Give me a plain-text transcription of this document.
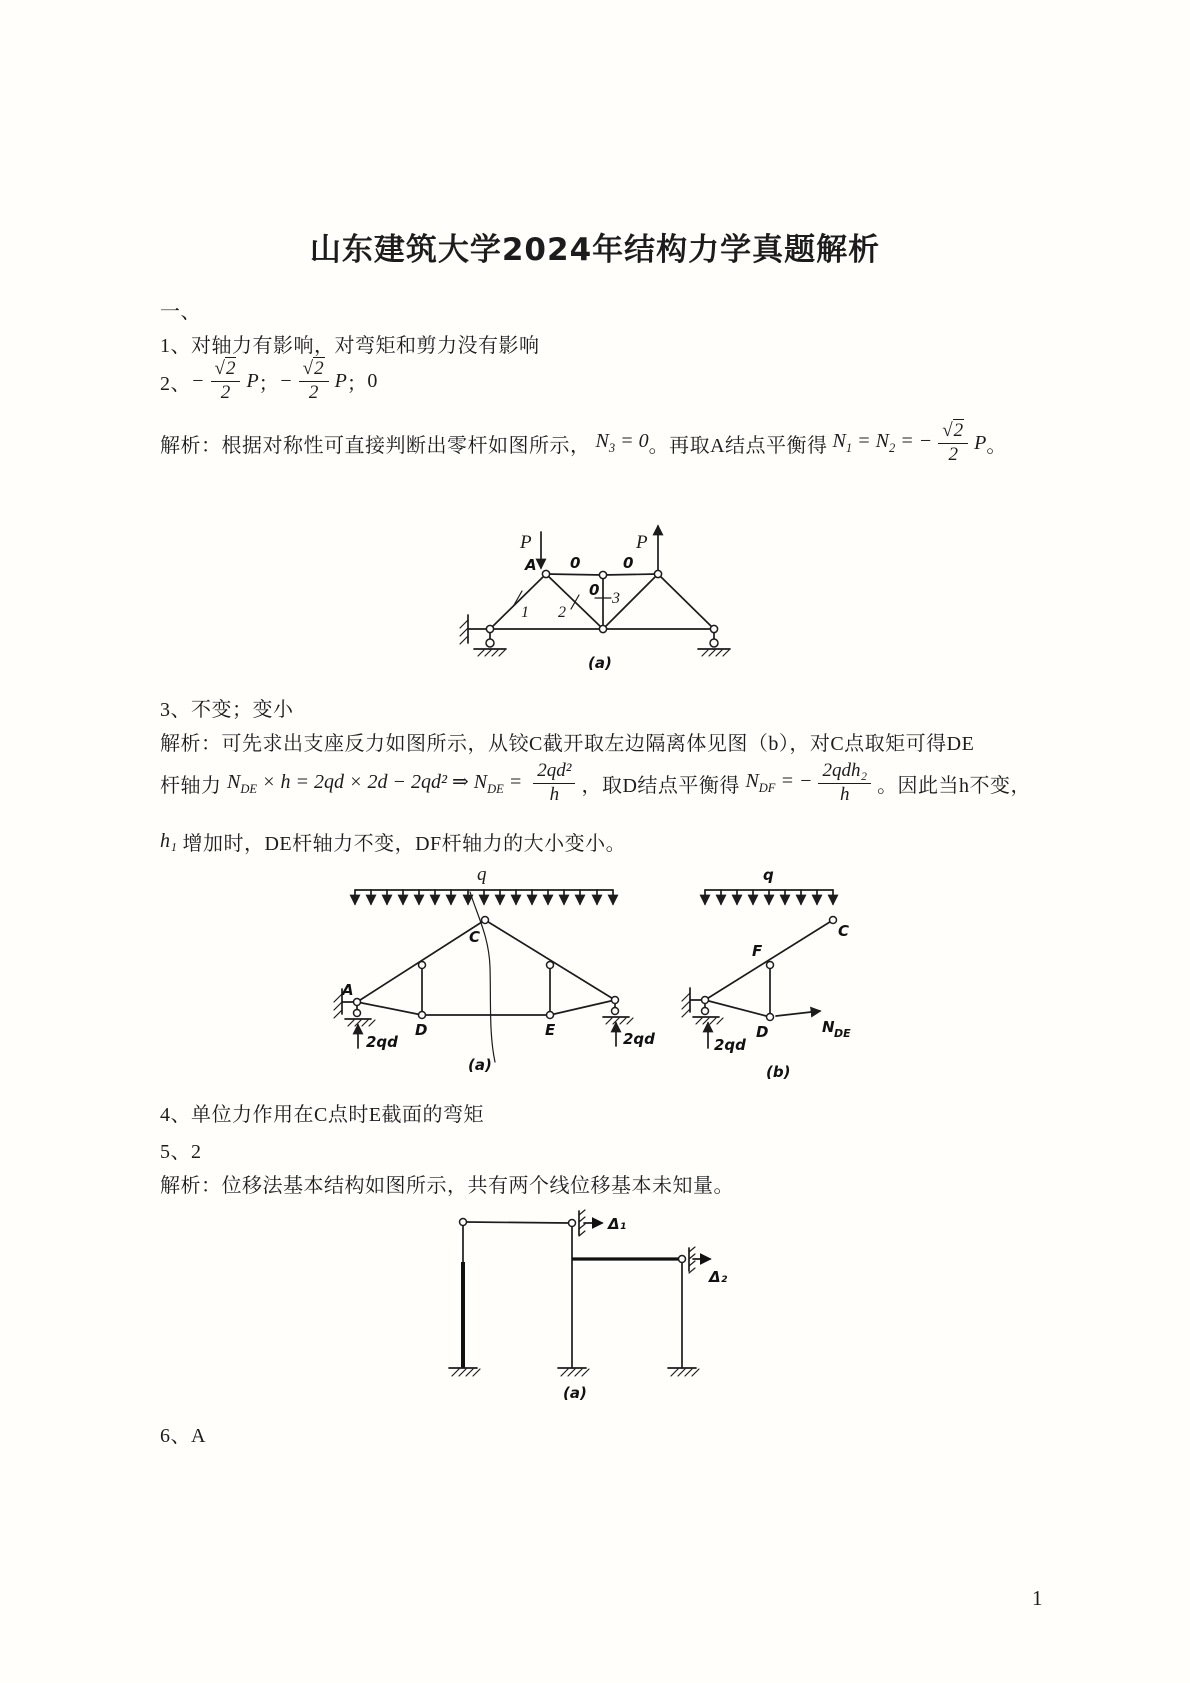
山东建筑大学2024年结构力学真题解析
一、
1、对轴力有影响，对弯矩和剪力没有影响
2、 − $\frac{√2}{2}$ P ； − $\frac{√2}{2}$ P ； 0
解析：根据对称性可直接判断出零杆如图所示， $N_3 = 0$ 。再取A结点平衡得 $N_1 = N_2$ = − $\frac{√2}{2}$ P 。
P	P
A 0	0
0 3
1 2
(a)
3、不变；变小
解析：可先求出支座反力如图所示，从铰C截开取左边隔离体见图（b），对C点取矩可得DE
杆轴力 $N_{DE} \times h = 2qd \times 2d - 2qd^2$ ⇒ $N_{DE} = \frac{\text{2qd²}}{h}$ ，取D结点平衡得 $N_{DF}$ = − $\frac{\text{2qdh₂}}{h}$ 。因此当h不变，
h₁ 增加时，DE杆轴力不变，DF杆轴力的大小变小。
q
C
A
D	E
2qd	2qd
(a)
q
C
F
D
2qd
N DE
(b)
4、单位力作用在C点时E截面的弯矩
5、2
解析：位移法基本结构如图所示，共有两个线位移基本未知量。
Δ₁
Δ₂
(a)
6、A
1
